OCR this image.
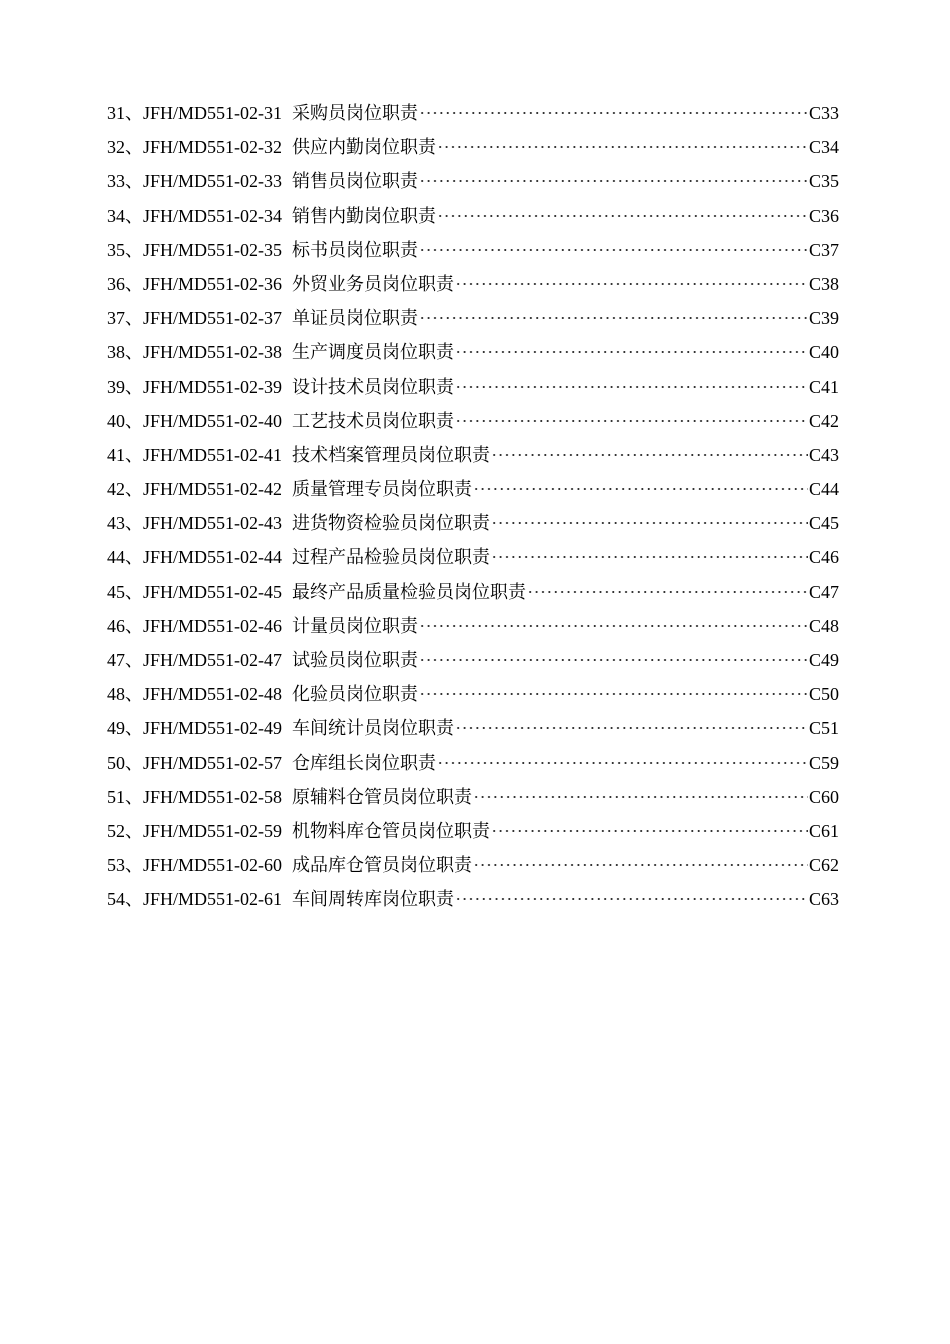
31、 JFH/MD551-02-31 采购员岗位职责	C33
32、 JFH/MD551-02-32 供应内勤岗位职责	C34
33、 JFH/MD551-02-33 销售员岗位职责	C35
34、 JFH/MD551-02-34 销售内勤岗位职责	C36
35、 JFH/MD551-02-35 标书员岗位职责	C37
36、 JFH/MD551-02-36 外贸业务员岗位职责	C38
37、 JFH/MD551-02-37 单证员岗位职责	C39
38、 JFH/MD551-02-38 生产调度员岗位职责	C40
39、 JFH/MD551-02-39 设计技术员岗位职责	C41
40、 JFH/MD551-02-40 工艺技术员岗位职责	C42
41、 JFH/MD551-02-41 技术档案管理员岗位职责	C43
42、 JFH/MD551-02-42 质量管理专员岗位职责	C44
43、 JFH/MD551-02-43 进货物资检验员岗位职责	C45
44、 JFH/MD551-02-44 过程产品检验员岗位职责	C46
45、 JFH/MD551-02-45 最终产品质量检验员岗位职责	C47
46、 JFH/MD551-02-46 计量员岗位职责	C48
47、 JFH/MD551-02-47 试验员岗位职责	C49
48、 JFH/MD551-02-48 化验员岗位职责	C50
49、 JFH/MD551-02-49 车间统计员岗位职责	C51
50、 JFH/MD551-02-57 仓库组长岗位职责	C59
51、 JFH/MD551-02-58 原辅料仓管员岗位职责	C60
52、 JFH/MD551-02-59 机物料库仓管员岗位职责	C61
53、 JFH/MD551-02-60 成品库仓管员岗位职责	C62
54、 JFH/MD551-02-61 车间周转库岗位职责	C63
